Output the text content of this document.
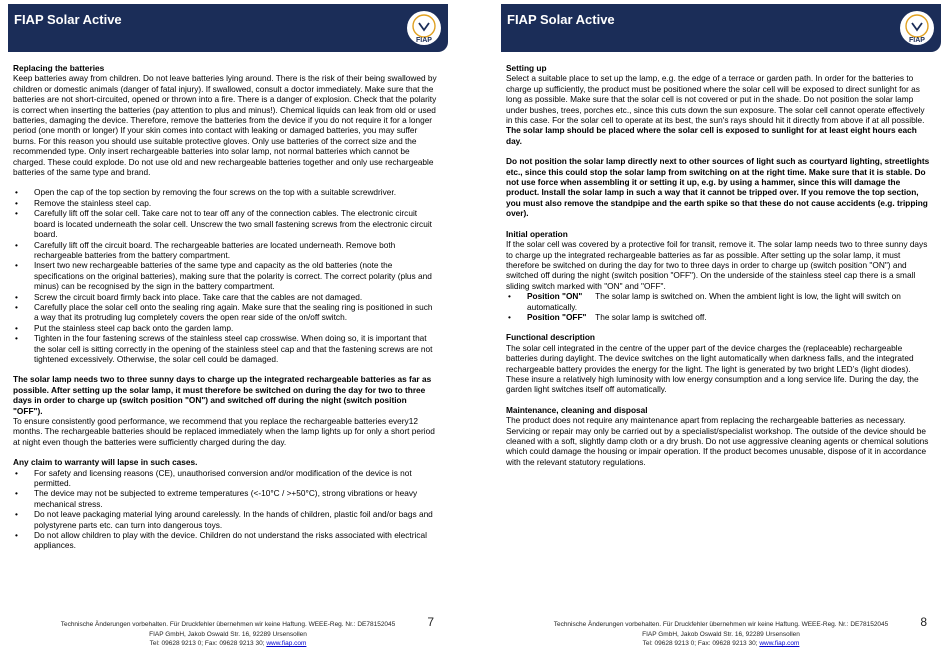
FIAP Solar Active
FIAP
Replacing the batteries

Keep batteries away from children. Do not leave batteries lying around. There is the risk of their being swallowed by children or domestic animals (danger of fatal injury). If swallowed, consult a doctor immediately. Make sure that the batteries are not short-circuited, opened or thrown into a fire. There is a danger of explosion. Check that the polarity is correct when inserting the batteries (pay attention to plus and minus!). Chemical liquids can leak from old or used batteries, damaging the device. Therefore, remove the batteries from the device if you do not require it for a longer period (one month or longer) If your skin comes into contact with leaking or damaged batteries, you may suffer burns. For this reason you should use suitable protective gloves. Only use batteries of the correct size and the recommended type. Only insert rechargeable batteries into solar lamp, not normal batteries which cannot be charged. These could explode. Do not use old and new rechargeable batteries together and only use rechargeable batteries of the same type and brand.

• Open the cap of the top section by removing the four screws on the top with a suitable screwdriver.
• Remove the stainless steel cap.
• Carefully lift off the solar cell. Take care not to tear off any of the connection cables. The electronic circuit board is located underneath the solar cell. Unscrew the two small fastening screws from the electronic circuit board.
• Carefully lift off the circuit board. The rechargeable batteries are located underneath. Remove both rechargeable batteries from the battery compartment.
• Insert two new rechargeable batteries of the same type and capacity as the old batteries (note the specifications on the original batteries), making sure that the polarity is correct. The correct polarity (plus and minus) can be recognised by the sign in the battery compartment.
• Screw the circuit board firmly back into place. Take care that the cables are not damaged.
• Carefully place the solar cell onto the sealing ring again. Make sure that the sealing ring is positioned in such a way that its protruding lug completely covers the open rear side of the on/off switch.
• Put the stainless steel cap back onto the garden lamp.
• Tighten in the four fastening screws of the stainless steel cap crosswise. When doing so, it is important that the solar cell is sitting correctly in the opening of the stainless steel cap and that the fastening screws are not tightened excessively. Otherwise, the solar cell could be damaged.

The solar lamp needs two to three sunny days to charge up the integrated rechargeable batteries as far as possible. After setting up the solar lamp, it must therefore be switched on during the day for two to three days in order to charge up (switch position "ON") and switched off during the night (switch position "OFF").

To ensure consistently good performance, we recommend that you replace the rechargeable batteries every12 months. The rechargeable batteries should be replaced immediately when the lamp lights up for only a short period at night even though the batteries were sufficiently charged during the day.

Any claim to warranty will lapse in such cases.
• For safety and licensing reasons (CE), unauthorised conversion and/or modification of the device is not permitted.
• The device may not be subjected to extreme temperatures (<-10°C / >+50°C), strong vibrations or heavy mechanical stress.
• Do not leave packaging material lying around carelessly. In the hands of children, plastic foil and/or bags and polystyrene parts etc. can turn into dangerous toys.
• Do not allow children to play with the device. Children do not understand the risks associated with electrical appliances.
Technische Änderungen vorbehalten. Für Druckfehler übernehmen wir keine Haftung. WEEE-Reg. Nr.: DE78152045
FIAP GmbH, Jakob Oswald Str. 16, 92289 Ursensollen
Tel: 09628 9213 0; Fax: 09628 9213 30; www.fiap.com
7
FIAP Solar Active
FIAP
Setting up

Select a suitable place to set up the lamp, e.g. the edge of a terrace or garden path. In order for the batteries to charge up sufficiently, the product must be positioned where the solar cell will be exposed to direct sunlight for as long as possible. Make sure that the solar cell is not covered or put in the shade. Do not position the solar lamp under bushes, trees, porches etc., since this cuts down the sun exposure. The solar cell cannot operate effectively in this case. For the solar cell to operate at its best, the sun's rays should hit it directly from above if at all possible.

The solar lamp should be placed where the solar cell is exposed to sunlight for at least eight hours each day.

Do not position the solar lamp directly next to other sources of light such as courtyard lighting, streetlights etc., since this could stop the solar lamp from switching on at the right time. Make sure that it is stable. Do not use force when assembling it or setting it up, e.g. by using a hammer, since this will damage the product. Install the solar lamp in such a way that it cannot be tripped over. If you remove the top section, you must also remove the standpipe and the earth spike so that these do not cause accidents (e.g. tripping over).

Initial operation

If the solar cell was covered by a protective foil for transit, remove it. The solar lamp needs two to three sunny days to charge up the integrated rechargeable batteries as far as possible. After setting up the solar lamp, it must therefore be switched on during the day for two to three days in order to charge up (switch position "ON") and switched off during the night (switch position "OFF"). On the underside of the stainless steel cap there is a small sliding switch marked with "ON" and "OFF".

• Position "ON" The solar lamp is switched on. When the ambient light is low, the light will switch on automatically.
• Position "OFF" The solar lamp is switched off.
Functional description

The solar cell integrated in the centre of the upper part of the device charges the (replaceable) rechargeable batteries during daylight. The device switches on the light automatically when darkness falls, and the integrated rechargeable battery provides the energy for the light. The light is generated by two bright LED’s (light diodes). These insure a relatively high luminosity with low energy consumption and a long service life. During the day, the garden light switches itself off automatically.

Maintenance, cleaning and disposal

The product does not require any maintenance apart from replacing the rechargeable batteries as necessary. Servicing or repair may only be carried out by a specialist/specialist workshop. The outside of the device should be cleaned with a soft, slightly damp cloth or a dry brush. Do not use aggressive cleaning agents or chemical solutions which could damage the housing or impair operation. If the product becomes unusable, dispose of it in accordance with the relevant statutory regulations.

Technische Änderungen vorbehalten. Für Druckfehler übernehmen wir keine Haftung. WEEE-Reg. Nr.: DE78152045
FIAP GmbH, Jakob Oswald Str. 16, 92289 Ursensollen
Tel: 09628 9213 0; Fax: 09628 9213 30; www.fiap.com
8
